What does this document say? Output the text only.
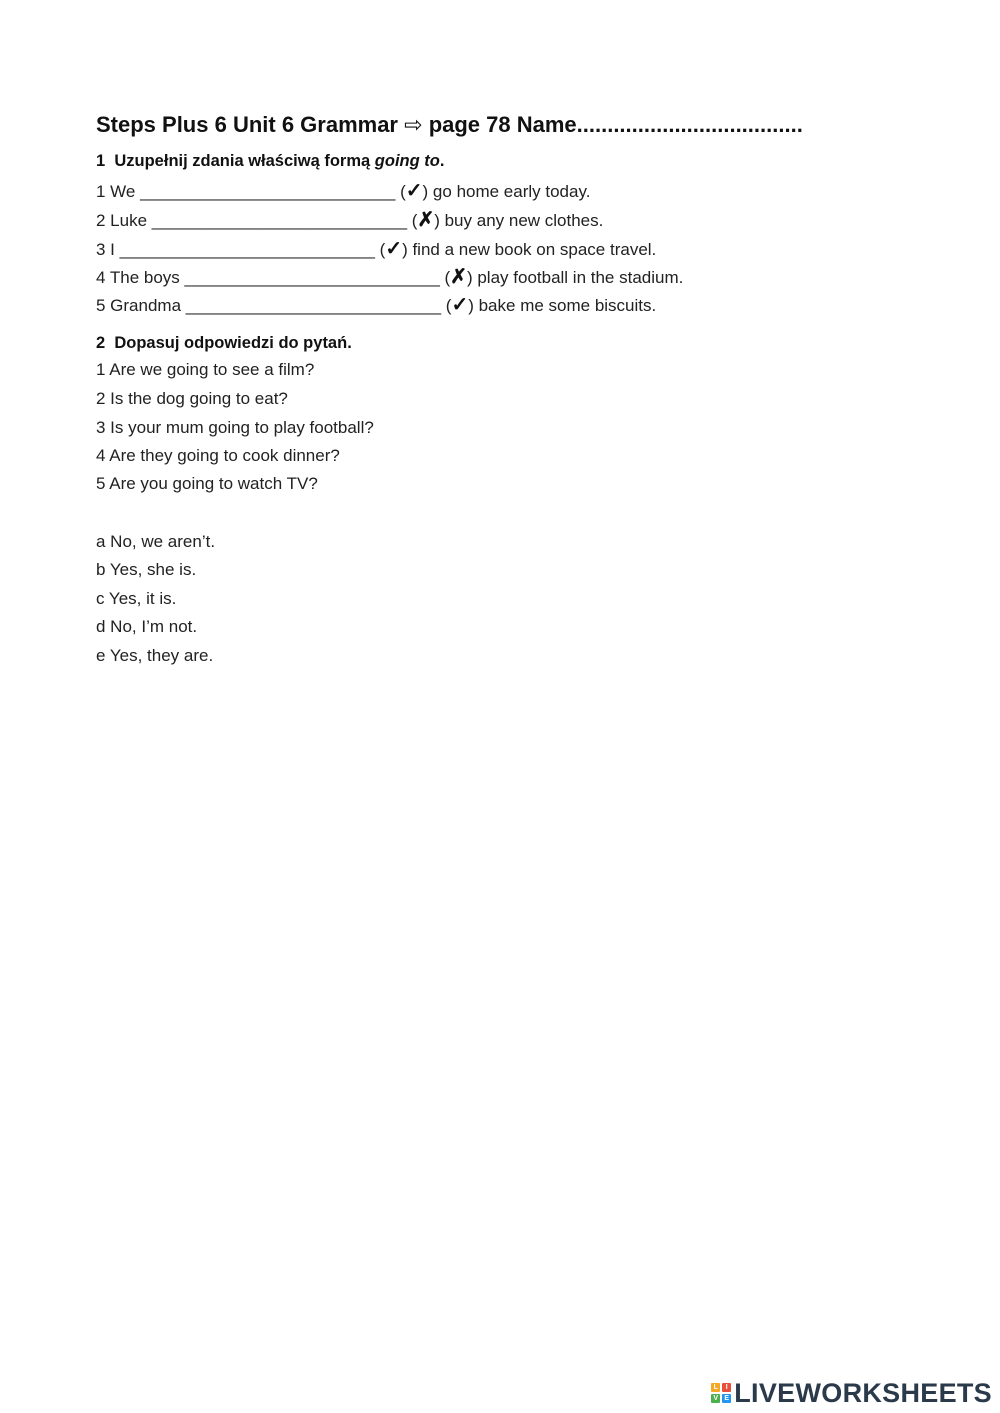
Steps Plus 6 Unit 6 Grammar ⇨ page 78 Name.....................................
1 Uzupełnij zdania właściwą formą going to.
1 We ___________________________ (✓) go home early today.
2 Luke ___________________________ (✗) buy any new clothes.
3 I ___________________________ (✓) find a new book on space travel.
4 The boys ___________________________ (✗) play football in the stadium.
5 Grandma ___________________________ (✓) bake me some biscuits.
2 Dopasuj odpowiedzi do pytań.
1 Are we going to see a film?
2 Is the dog going to eat?
3 Is your mum going to play football?
4 Are they going to cook dinner?
5 Are you going to watch TV?
a No, we aren’t.
b Yes, she is.
c Yes, it is.
d No, I’m not.
e Yes, they are.
L	I
V E LIVEWORKSHEETS
